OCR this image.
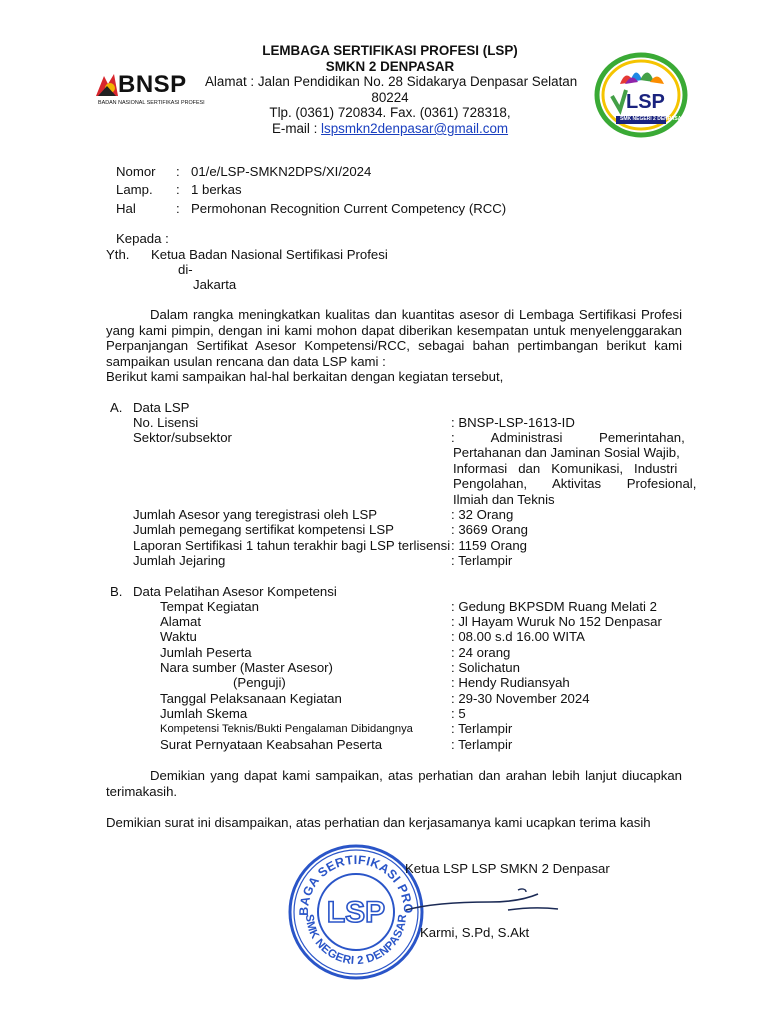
BNSP
BADAN NASIONAL SERTIFIKASI PROFESI	LSP
SMK NEGERI 2 DENPASAR
LEMBAGA SERTIFIKASI PROFESI (LSP)
SMKN 2 DENPASAR
Alamat : Jalan Pendidikan No. 28 Sidakarya Denpasar Selatan
80224
Tlp. (0361) 720834. Fax. (0361) 728318,
E-mail : lspsmkn2denpasar@gmail.com
Nomor : 01/e/LSP-SMKN2DPS/XI/2024
Lamp. : 1 berkas
Hal	: Permohonan Recognition Current Competency (RCC)
Kepada :
Yth. Ketua Badan Nasional Sertifikasi Profesi
di-
Jakarta
Dalam rangka meningkatkan kualitas dan kuantitas asesor di Lembaga Sertifikasi Profesi yang kami pimpin, dengan ini kami mohon dapat diberikan kesempatan untuk menyelenggarakan Perpanjangan Sertifikat Asesor Kompetensi/RCC, sebagai bahan pertimbangan berikut kami sampaikan usulan rencana dan data LSP kami :
Berikut kami sampaikan hal-hal berkaitan dengan kegiatan tersebut,
A. Data LSP
No. Lisensi	: BNSP-LSP-1613-ID
Sektor/subsektor	:          Administrasi          Pemerintahan,
Pertahanan dan Jaminan Sosial Wajib,
Informasi   dan   Komunikasi,   Industri
Pengolahan,       Aktivitas       Profesional,
Ilmiah dan Teknis
Jumlah Asesor yang teregistrasi oleh LSP	: 32 Orang
Jumlah pemegang sertifikat kompetensi LSP	: 3669 Orang
Laporan Sertifikasi 1 tahun terakhir bagi LSP terlisensi : 1159 Orang
Jumlah Jejaring	: Terlampir
B. Data Pelatihan Asesor Kompetensi
Tempat Kegiatan	: Gedung BKPSDM Ruang Melati 2
Alamat	: Jl Hayam Wuruk No 152 Denpasar
Waktu	: 08.00 s.d 16.00 WITA
Jumlah Peserta	: 24 orang
Nara sumber (Master Asesor)	: Solichatun
(Penguji)	: Hendy Rudiansyah
Tanggal Pelaksanaan Kegiatan	: 29-30 November 2024
Jumlah Skema	: 5
Kompetensi Teknis/Bukti Pengalaman Dibidangnya	: Terlampir
Surat Pernyataan Keabsahan Peserta	: Terlampir
Demikian yang dapat kami sampaikan, atas perhatian dan arahan lebih lanjut diucapkan terimakasih.
Demikian surat ini disampaikan, atas perhatian dan kerjasamanya kami ucapkan terima kasih
BAGA SERTIFIKASI PRO
SMK NEGERI 2 DENPASAR
LSP
Ketua LSP LSP SMKN 2 Denpasar
Karmi, S.Pd, S.Akt
